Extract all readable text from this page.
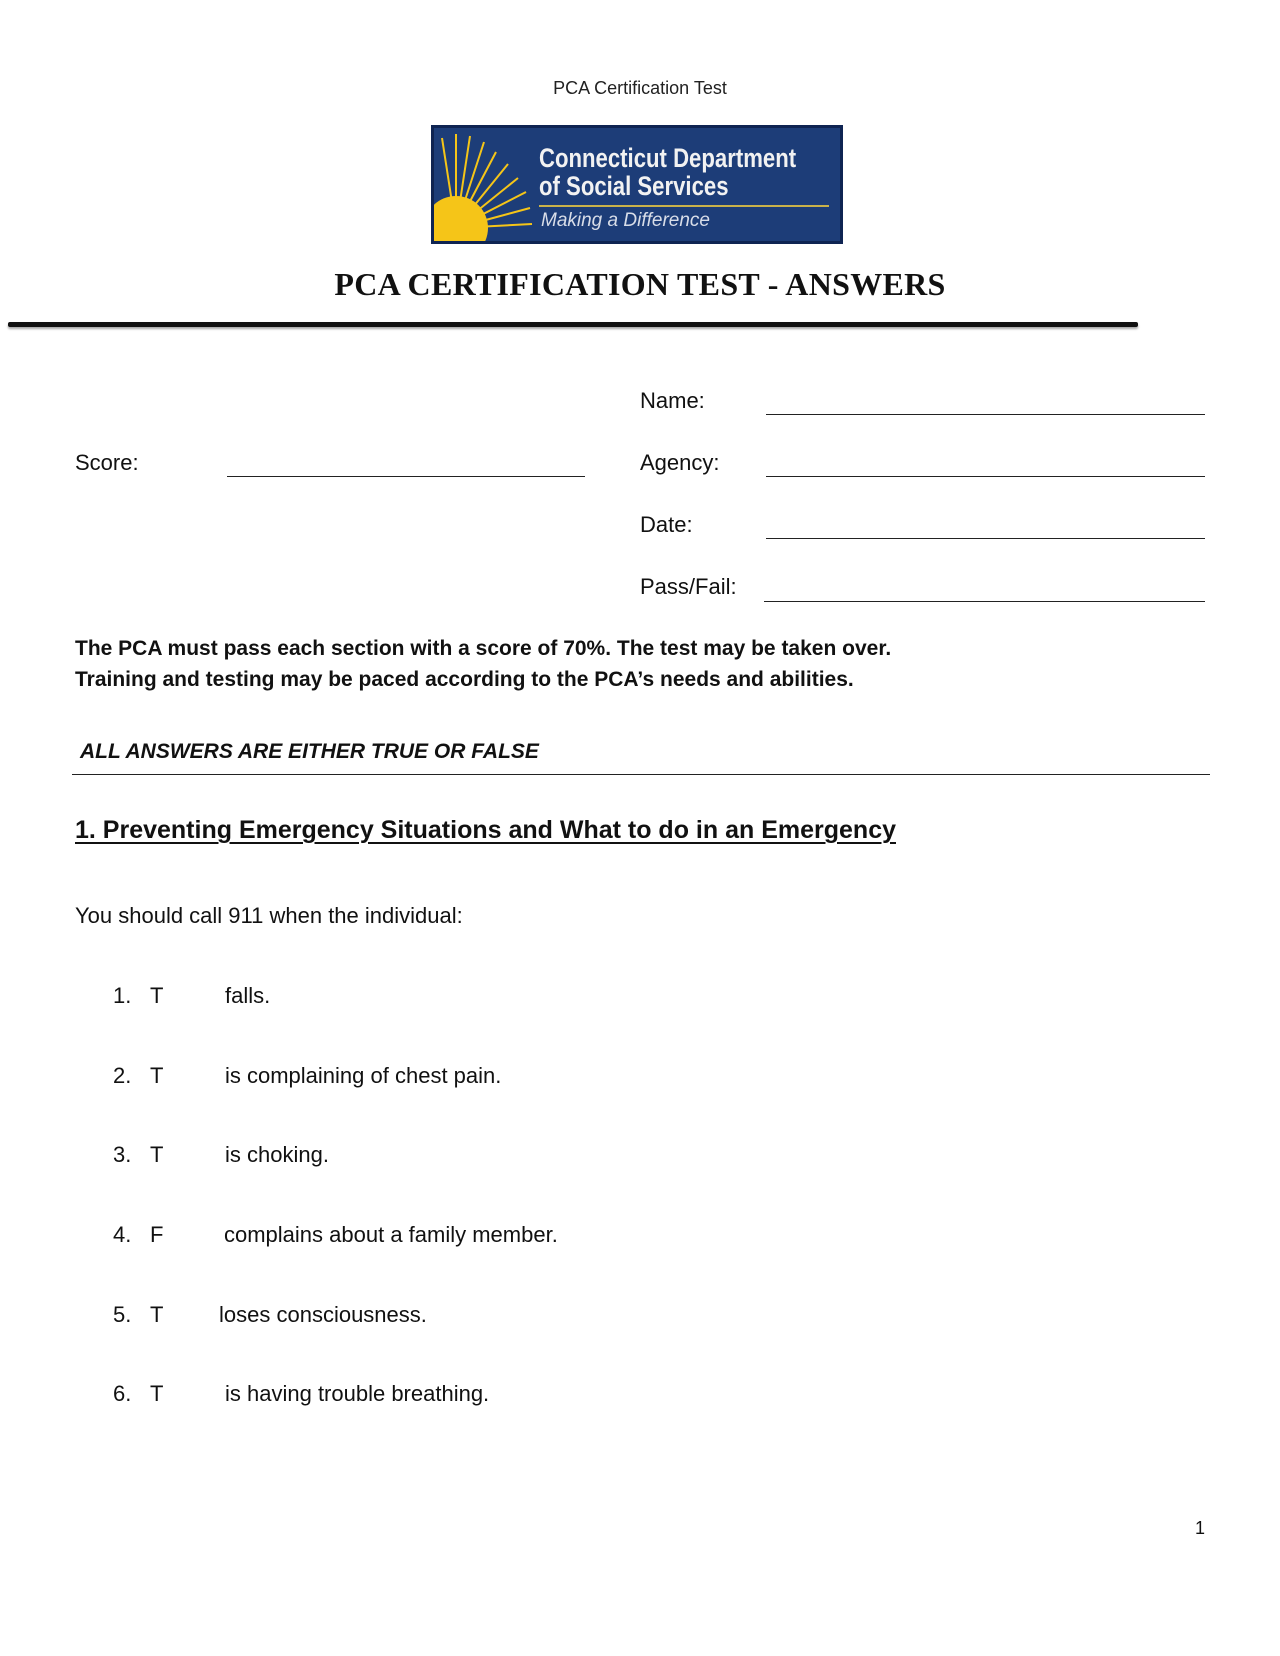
PCA Certification Test
Connecticut Department
of Social Services
Making a Difference
PCA CERTIFICATION TEST - ANSWERS
Name:
Score:	Agency:
Date:
Pass/Fail:
The PCA must pass each section with a score of 70%. The test may be taken over.
Training and testing may be paced according to the PCA’s needs and abilities.
ALL ANSWERS ARE EITHER TRUE OR FALSE
1. Preventing Emergency Situations and What to do in an Emergency
You should call 911 when the individual:
1. T	falls.
2. T	is complaining of chest pain.
3. T	is choking.
4. F	complains about a family member.
5. T	loses consciousness.
6. T	is having trouble breathing.
1
